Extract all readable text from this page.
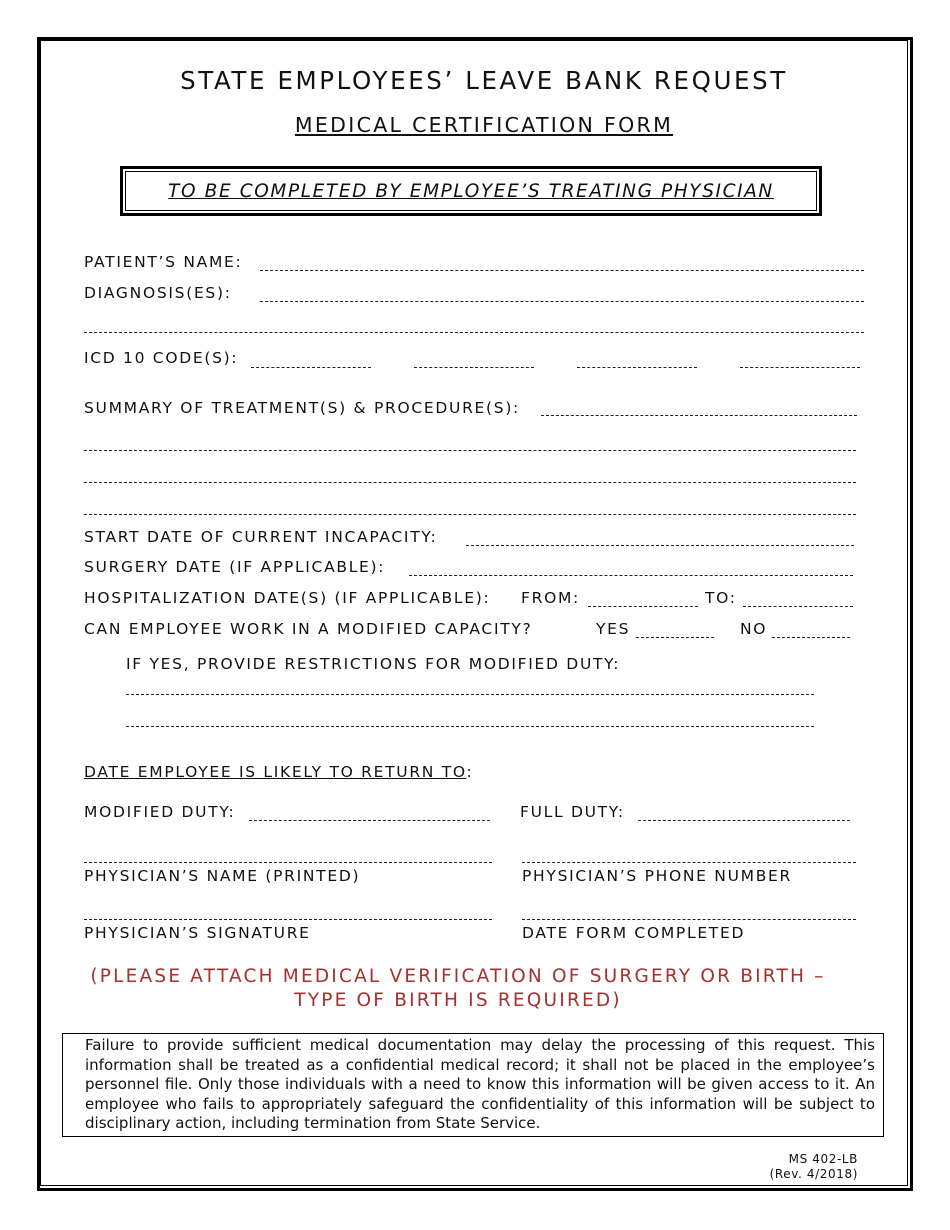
STATE EMPLOYEES’ LEAVE BANK REQUEST
MEDICAL CERTIFICATION FORM
TO BE COMPLETED BY EMPLOYEE’S TREATING PHYSICIAN
PATIENT’S NAME:
DIAGNOSIS(ES):
ICD 10 CODE(S):
SUMMARY OF TREATMENT(S) & PROCEDURE(S):
START DATE OF CURRENT INCAPACITY:
SURGERY DATE (IF APPLICABLE):
HOSPITALIZATION DATE(S) (IF APPLICABLE): FROM:	TO:
CAN EMPLOYEE WORK IN A MODIFIED CAPACITY?	YES	NO
IF YES, PROVIDE RESTRICTIONS FOR MODIFIED DUTY:
DATE EMPLOYEE IS LIKELY TO RETURN TO:
MODIFIED DUTY:	FULL DUTY:
PHYSICIAN’S NAME (PRINTED)	PHYSICIAN’S PHONE NUMBER
PHYSICIAN’S SIGNATURE	DATE FORM COMPLETED
(PLEASE ATTACH MEDICAL VERIFICATION OF SURGERY OR BIRTH –
TYPE OF BIRTH IS REQUIRED)
Failure to provide sufficient medical documentation may delay the processing of this request. This information shall be treated as a confidential medical record; it shall not be placed in the employee’s personnel file. Only those individuals with a need to know this information will be given access to it. An employee who fails to appropriately safeguard the confidentiality of this information will be subject to disciplinary action, including termination from State Service.
MS 402-LB
(Rev. 4/2018)
